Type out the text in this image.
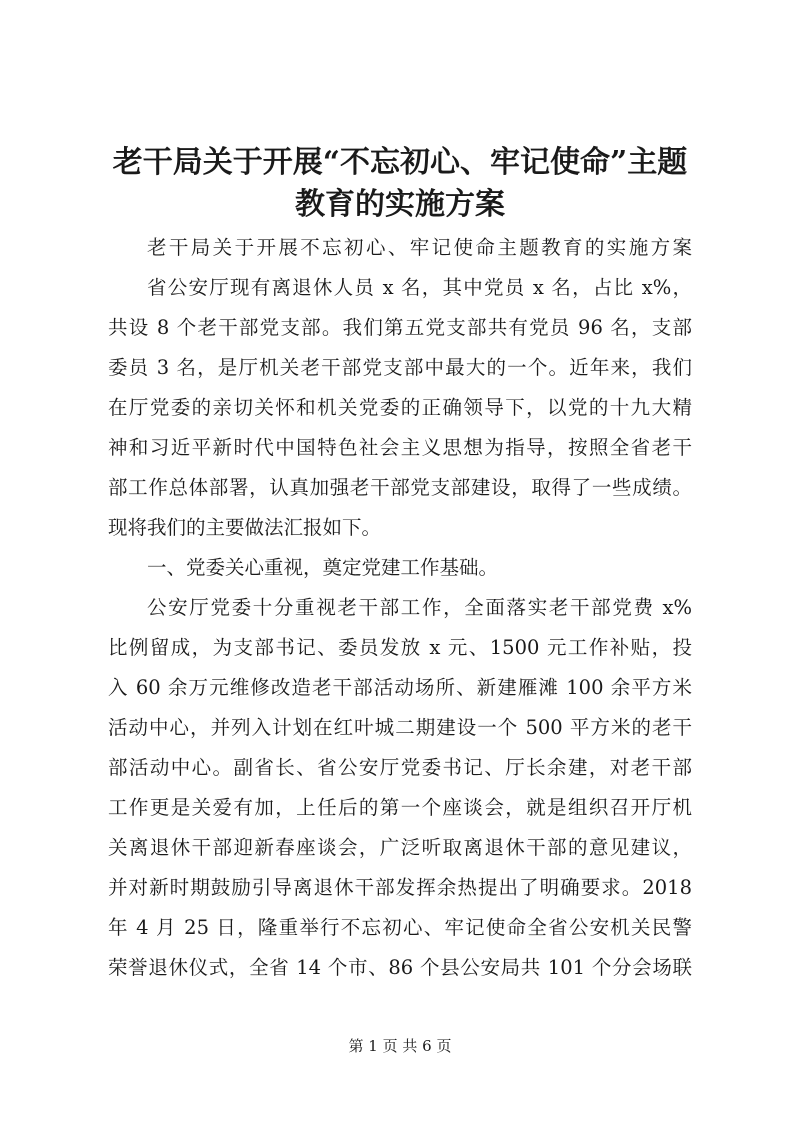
老干局关于开展“不忘初心、牢记使命”主题
教育的实施方案
老干局关于开展不忘初心、牢记使命主题教育的实施方案
省公安厅现有离退休人员 x 名，其中党员 x 名，占比 x%，
共设 8 个老干部党支部。我们第五党支部共有党员 96 名，支部
委员 3 名，是厅机关老干部党支部中最大的一个。近年来，我们
在厅党委的亲切关怀和机关党委的正确领导下，以党的十九大精
神和习近平新时代中国特色社会主义思想为指导，按照全省老干
部工作总体部署，认真加强老干部党支部建设，取得了一些成绩。
现将我们的主要做法汇报如下。
一、党委关心重视，奠定党建工作基础。
公安厅党委十分重视老干部工作，全面落实老干部党费 x%
比例留成，为支部书记、委员发放 x 元、1500 元工作补贴，投
入 60 余万元维修改造老干部活动场所、新建雁滩 100 余平方米
活动中心，并列入计划在红叶城二期建设一个 500 平方米的老干
部活动中心。副省长、省公安厅党委书记、厅长余建，对老干部
工作更是关爱有加，上任后的第一个座谈会，就是组织召开厅机
关离退休干部迎新春座谈会，广泛听取离退休干部的意见建议，
并对新时期鼓励引导离退休干部发挥余热提出了明确要求。2018
年 4 月 25 日，隆重举行不忘初心、牢记使命全省公安机关民警
荣誉退休仪式，全省 14 个市、86 个县公安局共 101 个分会场联
第 1 页 共 6 页
